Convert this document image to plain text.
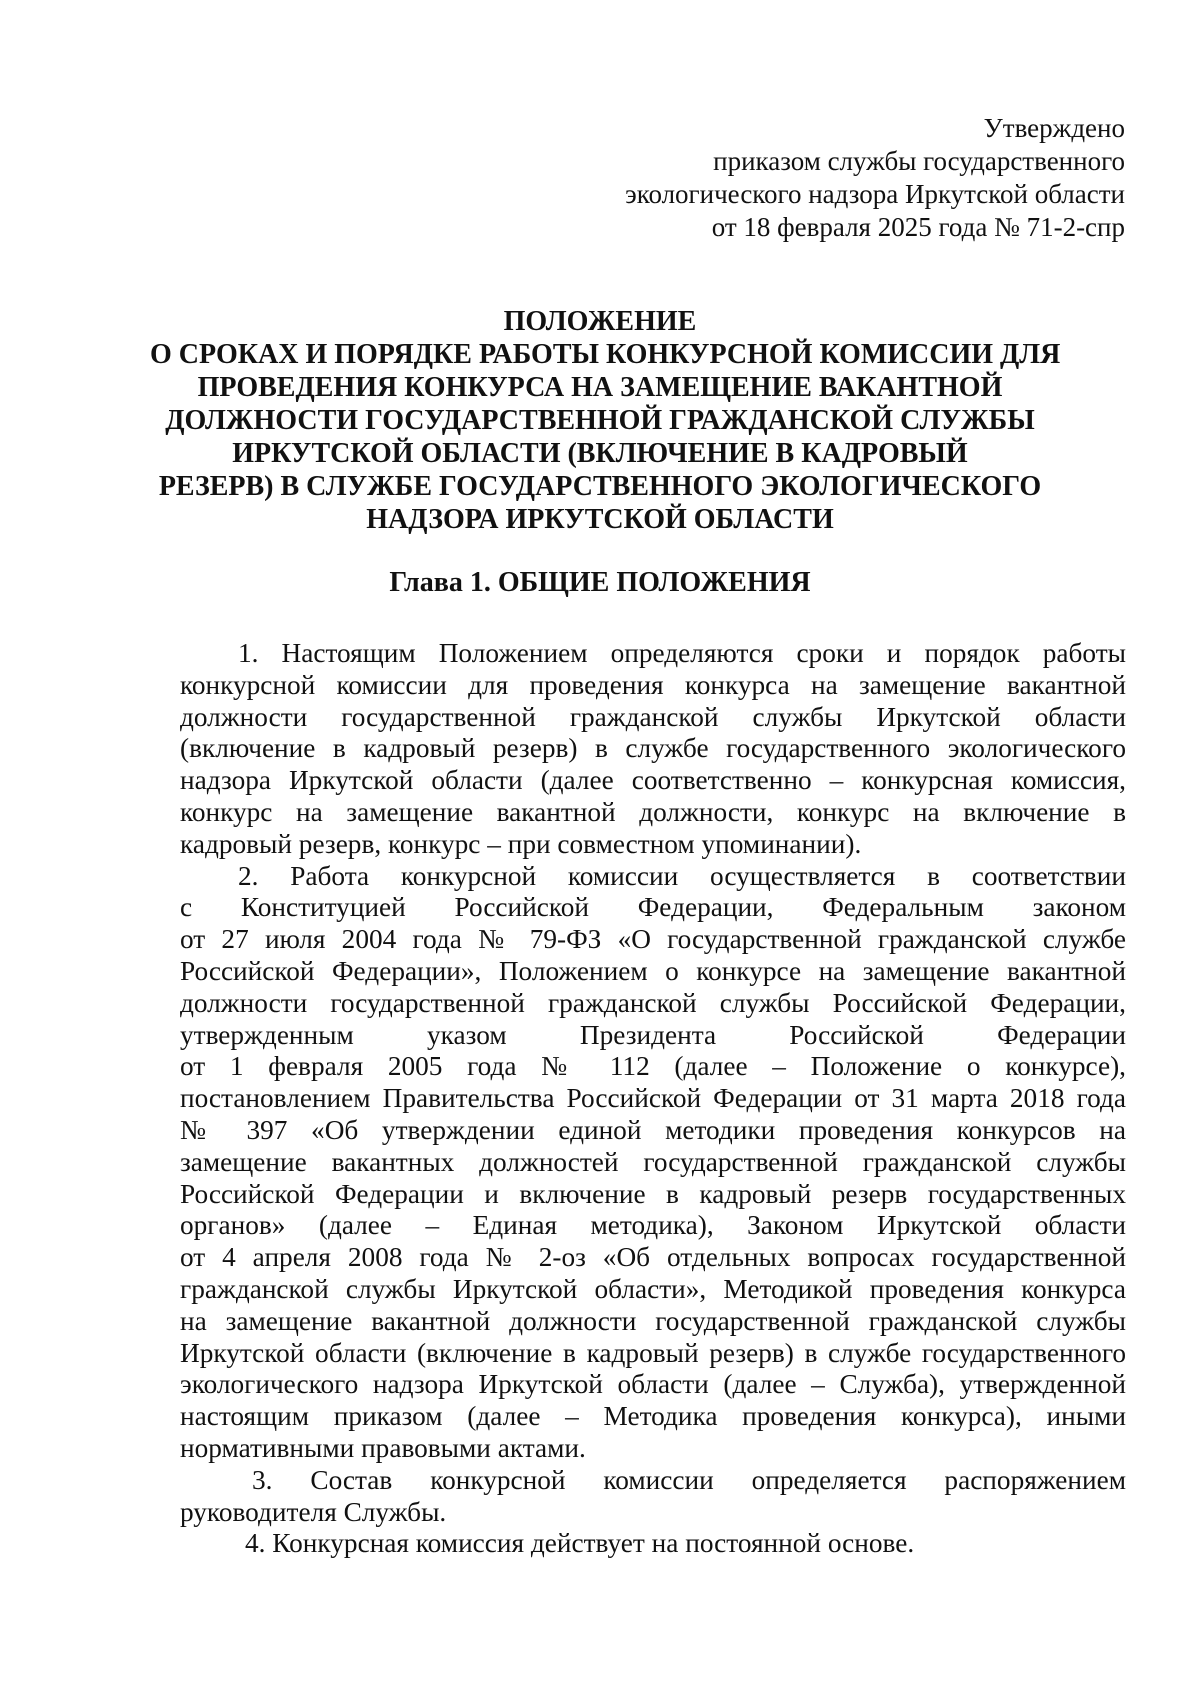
Утверждено
приказом службы государственного
экологического надзора Иркутской области
от 18 февраля 2025 года № 71-2-спр
ПОЛОЖЕНИЕ
О СРОКАХ И ПОРЯДКЕ РАБОТЫ КОНКУРСНОЙ КОМИССИИ ДЛЯ
ПРОВЕДЕНИЯ КОНКУРСА НА ЗАМЕЩЕНИЕ ВАКАНТНОЙ
ДОЛЖНОСТИ ГОСУДАРСТВЕННОЙ ГРАЖДАНСКОЙ СЛУЖБЫ
ИРКУТСКОЙ ОБЛАСТИ (ВКЛЮЧЕНИЕ В КАДРОВЫЙ
РЕЗЕРВ) В СЛУЖБЕ ГОСУДАРСТВЕННОГО ЭКОЛОГИЧЕСКОГО
НАДЗОРА ИРКУТСКОЙ ОБЛАСТИ
Глава 1. ОБЩИЕ ПОЛОЖЕНИЯ
1. Настоящим Положением определяются сроки и порядок работы
конкурсной комиссии для проведения конкурса на замещение вакантной
должности государственной гражданской службы Иркутской области
(включение в кадровый резерв) в службе государственного экологического
надзора Иркутской области (далее соответственно – конкурсная комиссия,
конкурс на замещение вакантной должности, конкурс на включение в
кадровый резерв, конкурс – при совместном упоминании).
2. Работа конкурсной комиссии осуществляется в соответствии
с Конституцией Российской Федерации, Федеральным законом
от 27 июля 2004 года № 79-ФЗ «О государственной гражданской службе
Российской Федерации», Положением о конкурсе на замещение вакантной
должности государственной гражданской службы Российской Федерации,
утвержденным указом Президента Российской Федерации
от 1 февраля 2005 года № 112 (далее – Положение о конкурсе),
постановлением Правительства Российской Федерации от 31 марта 2018 года
№ 397 «Об утверждении единой методики проведения конкурсов на
замещение вакантных должностей государственной гражданской службы
Российской Федерации и включение в кадровый резерв государственных
органов» (далее – Единая методика), Законом Иркутской области
от 4 апреля 2008 года № 2-оз «Об отдельных вопросах государственной
гражданской службы Иркутской области», Методикой проведения конкурса
на замещение вакантной должности государственной гражданской службы
Иркутской области (включение в кадровый резерв) в службе государственного
экологического надзора Иркутской области (далее – Служба), утвержденной
настоящим приказом (далее – Методика проведения конкурса), иными
нормативными правовыми актами.
3. Состав конкурсной комиссии определяется распоряжением
руководителя Службы.
4. Конкурсная комиссия действует на постоянной основе.
